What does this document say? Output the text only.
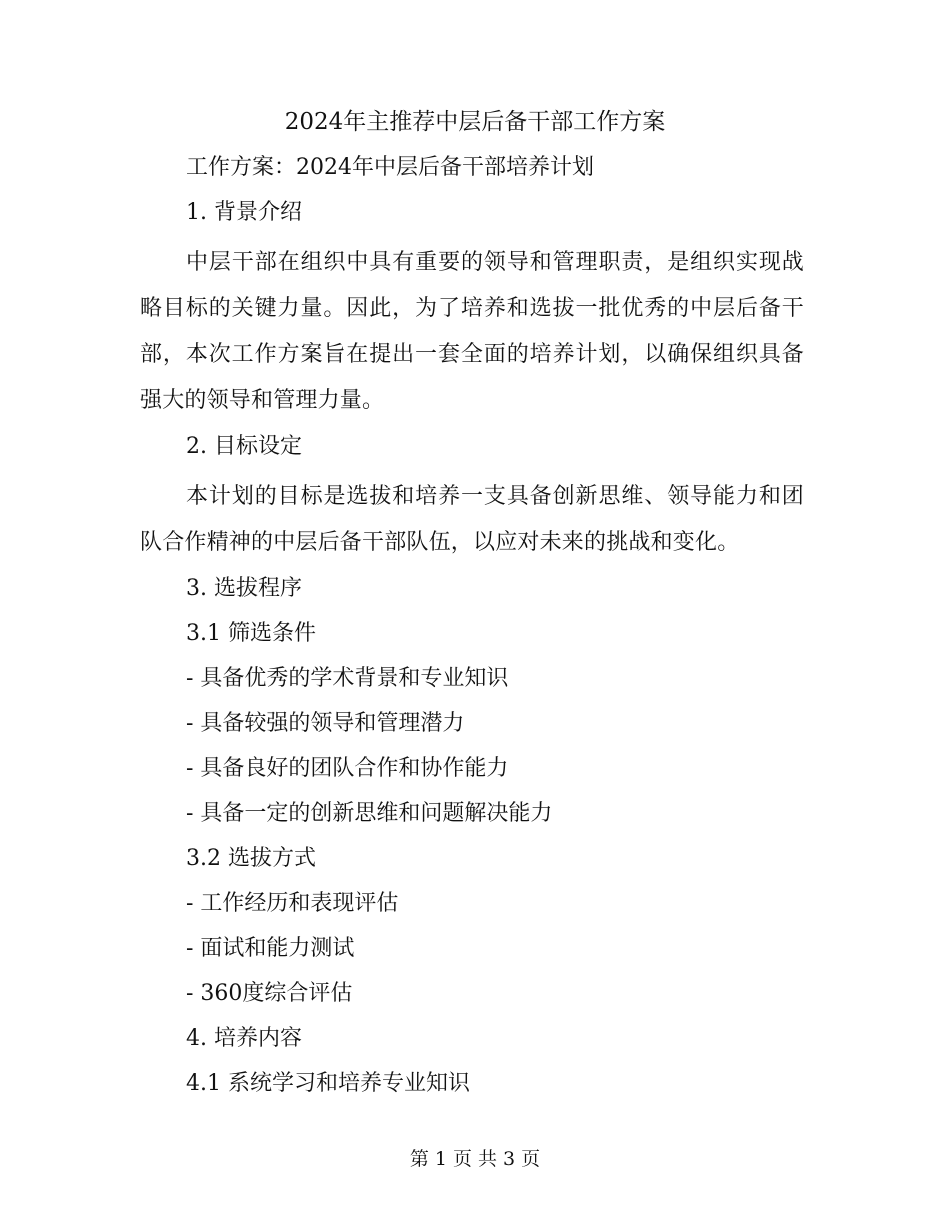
2024年主推荐中层后备干部工作方案
工作方案：2024年中层后备干部培养计划
1. 背景介绍
中层干部在组织中具有重要的领导和管理职责，是组织实现战略目标的关键力量。因此，为了培养和选拔一批优秀的中层后备干部，本次工作方案旨在提出一套全面的培养计划，以确保组织具备强大的领导和管理力量。
2. 目标设定
本计划的目标是选拔和培养一支具备创新思维、领导能力和团队合作精神的中层后备干部队伍，以应对未来的挑战和变化。
3. 选拔程序
3.1 筛选条件
- 具备优秀的学术背景和专业知识
- 具备较强的领导和管理潜力
- 具备良好的团队合作和协作能力
- 具备一定的创新思维和问题解决能力
3.2 选拔方式
- 工作经历和表现评估
- 面试和能力测试
- 360度综合评估
4. 培养内容
4.1 系统学习和培养专业知识
第 1 页 共 3 页
